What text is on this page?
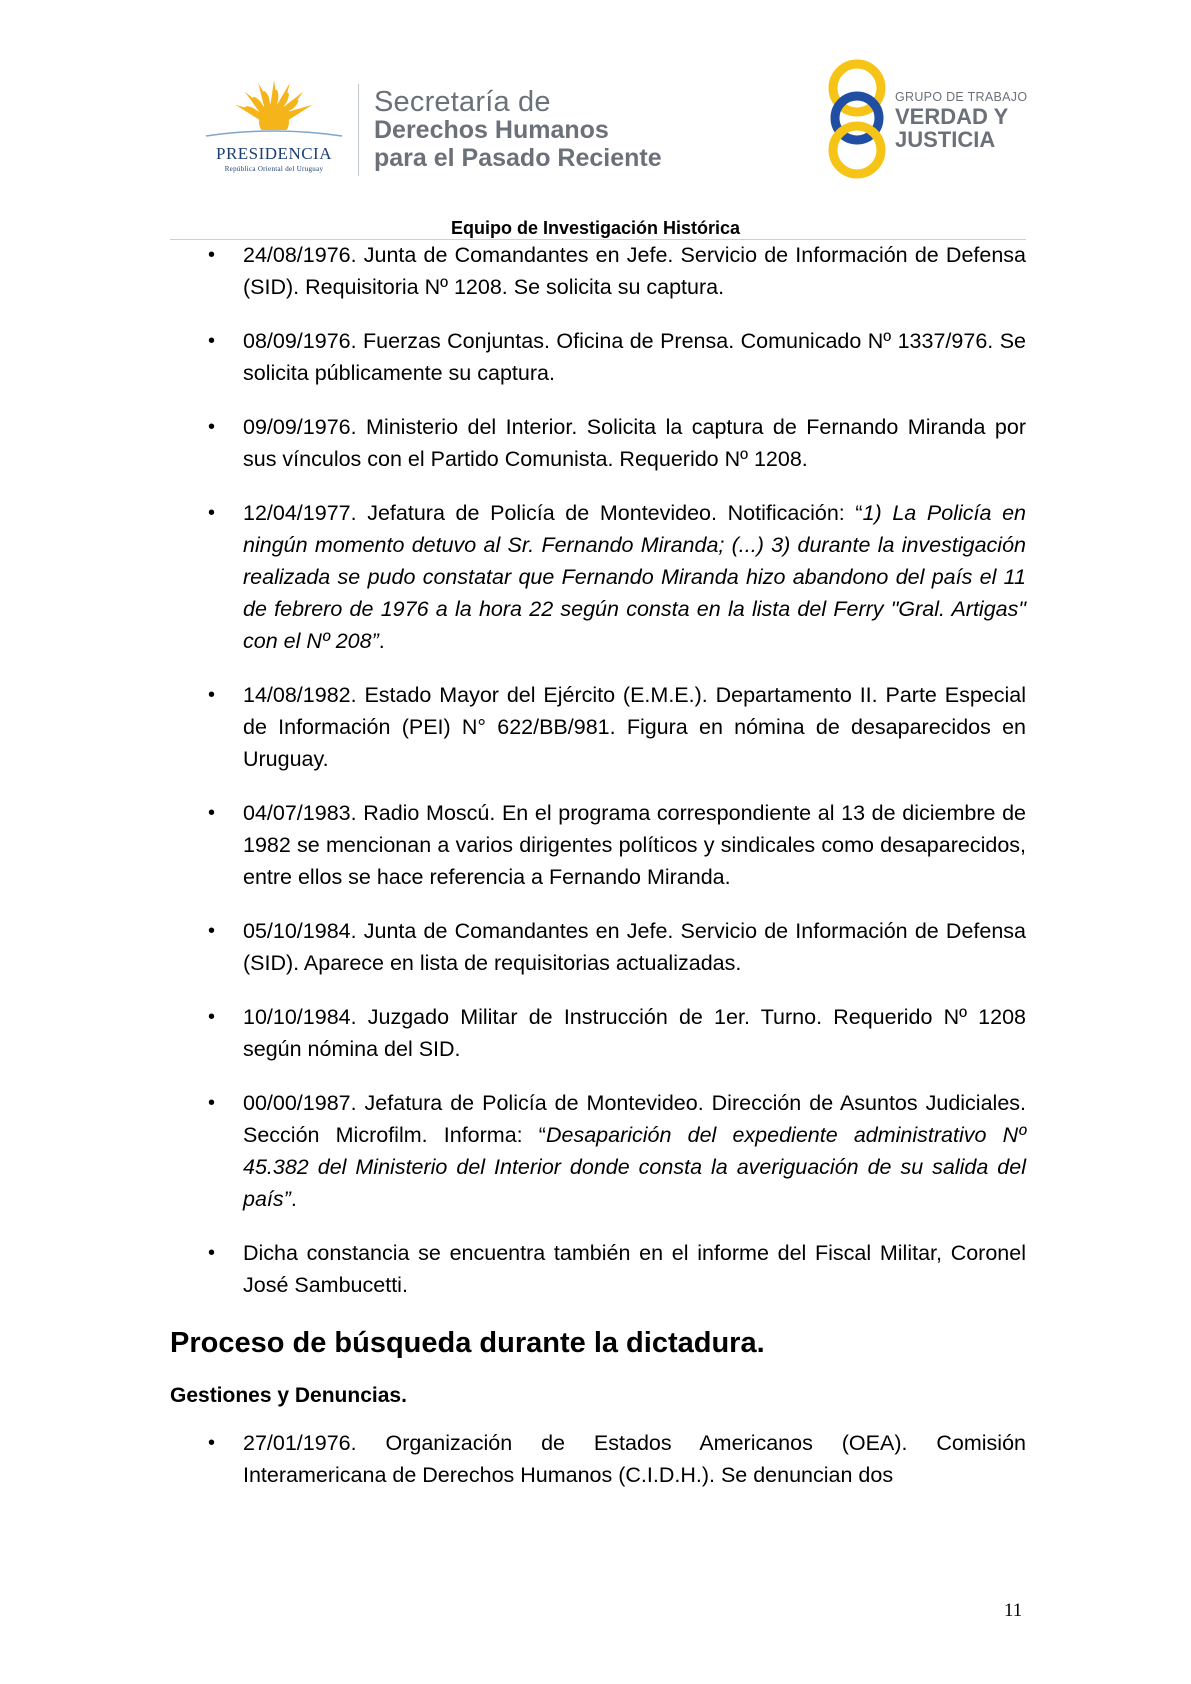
PRESIDENCIA
República Oriental del Uruguay
Secretaría de
Derechos Humanos
para el Pasado Reciente
GRUPO DE TRABAJO
VERDAD Y
JUSTICIA
Equipo de Investigación Histórica
• 24/08/1976. Junta de Comandantes en Jefe. Servicio de Información de Defensa (SID). Requisitoria Nº 1208. Se solicita su captura.
• 08/09/1976. Fuerzas Conjuntas. Oficina de Prensa. Comunicado Nº 1337/976. Se solicita públicamente su captura.
• 09/09/1976. Ministerio del Interior. Solicita la captura de Fernando Miranda por sus vínculos con el Partido Comunista. Requerido Nº 1208.
• 12/04/1977. Jefatura de Policía de Montevideo. Notificación: “1) La Policía en ningún momento detuvo al Sr. Fernando Miranda; (...) 3) durante la investigación realizada se pudo constatar que Fernando Miranda hizo abandono del país el 11 de febrero de 1976 a la hora 22 según consta en la lista del Ferry "Gral. Artigas" con el Nº 208”.
• 14/08/1982. Estado Mayor del Ejército (E.M.E.). Departamento II. Parte Especial de Información (PEI) N° 622/BB/981. Figura en nómina de desaparecidos en Uruguay.
• 04/07/1983. Radio Moscú. En el programa correspondiente al 13 de diciembre de 1982 se mencionan a varios dirigentes políticos y sindicales como desaparecidos, entre ellos se hace referencia a Fernando Miranda.
• 05/10/1984. Junta de Comandantes en Jefe. Servicio de Información de Defensa (SID). Aparece en lista de requisitorias actualizadas.
• 10/10/1984. Juzgado Militar de Instrucción de 1er. Turno. Requerido Nº 1208 según nómina del SID.
• 00/00/1987. Jefatura de Policía de Montevideo. Dirección de Asuntos Judiciales. Sección Microfilm. Informa: “Desaparición del expediente administrativo Nº 45.382 del Ministerio del Interior donde consta la averiguación de su salida del país”.
• Dicha constancia se encuentra también en el informe del Fiscal Militar, Coronel José Sambucetti.
Proceso de búsqueda durante la dictadura.
Gestiones y Denuncias.
• 27/01/1976. Organización de Estados Americanos (OEA). Comisión Interamericana de Derechos Humanos (C.I.D.H.). Se denuncian dos
11
